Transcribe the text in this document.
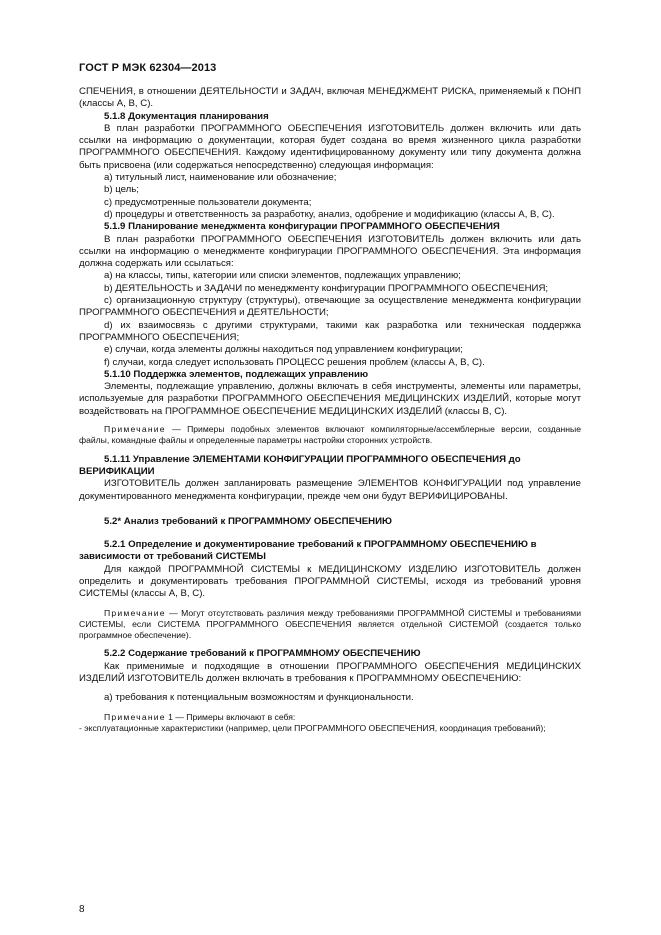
ГОСТ Р МЭК 62304—2013

СПЕЧЕНИЯ, в отношении ДЕЯТЕЛЬНОСТИ и ЗАДАЧ, включая МЕНЕДЖМЕНТ РИСКА, применяемый к ПОНП (классы A, B, C).

5.1.8 Документация планирования

В план разработки ПРОГРАММНОГО ОБЕСПЕЧЕНИЯ ИЗГОТОВИТЕЛЬ должен включить или дать ссылки на информацию о документации, которая будет создана во время жизненного цикла разработки ПРОГРАММНОГО ОБЕСПЕЧЕНИЯ. Каждому идентифицированному документу или типу документа должна быть присвоена (или содержаться непосредственно) следующая информация:

a) титульный лист, наименование или обозначение;

b) цель;

c) предусмотренные пользователи документа;

d) процедуры и ответственность за разработку, анализ, одобрение и модификацию (классы A, B, C).

5.1.9 Планирование менеджмента конфигурации ПРОГРАММНОГО ОБЕСПЕЧЕНИЯ

В план разработки ПРОГРАММНОГО ОБЕСПЕЧЕНИЯ ИЗГОТОВИТЕЛЬ должен включить или дать ссылки на информацию о менеджменте конфигурации ПРОГРАММНОГО ОБЕСПЕЧЕНИЯ. Эта информация должна содержать или ссылаться:

a) на классы, типы, категории или списки элементов, подлежащих управлению;

b) ДЕЯТЕЛЬНОСТЬ и ЗАДАЧИ по менеджменту конфигурации ПРОГРАММНОГО ОБЕСПЕЧЕНИЯ;

c) организационную структуру (структуры), отвечающие за осуществление менеджмента конфигурации ПРОГРАММНОГО ОБЕСПЕЧЕНИЯ и ДЕЯТЕЛЬНОСТИ;

d) их взаимосвязь с другими структурами, такими как разработка или техническая поддержка ПРОГРАММНОГО ОБЕСПЕЧЕНИЯ;

e) случаи, когда элементы должны находиться под управлением конфигурации;

f) случаи, когда следует использовать ПРОЦЕСС решения проблем (классы A, B, C).

5.1.10 Поддержка элементов, подлежащих управлению

Элементы, подлежащие управлению, должны включать в себя инструменты, элементы или параметры, используемые для разработки ПРОГРАММНОГО ОБЕСПЕЧЕНИЯ МЕДИЦИНСКИХ ИЗДЕЛИЙ, которые могут воздействовать на ПРОГРАММНОЕ ОБЕСПЕЧЕНИЕ МЕДИЦИНСКИХ ИЗДЕЛИЙ (классы B, C).

Примечание — Примеры подобных элементов включают компиляторные/ассемблерные версии, созданные файлы, командные файлы и определенные параметры настройки сторонних устройств.

5.1.11 Управление ЭЛЕМЕНТАМИ КОНФИГУРАЦИИ ПРОГРАММНОГО ОБЕСПЕЧЕНИЯ до ВЕРИФИКАЦИИ

ИЗГОТОВИТЕЛЬ должен запланировать размещение ЭЛЕМЕНТОВ КОНФИГУРАЦИИ под управление документированного менеджмента конфигурации, прежде чем они будут ВЕРИФИЦИРОВАНЫ.

5.2* Анализ требований к ПРОГРАММНОМУ ОБЕСПЕЧЕНИЮ

5.2.1 Определение и документирование требований к ПРОГРАММНОМУ ОБЕСПЕЧЕНИЮ в зависимости от требований СИСТЕМЫ

Для каждой ПРОГРАММНОЙ СИСТЕМЫ к МЕДИЦИНСКОМУ ИЗДЕЛИЮ ИЗГОТОВИТЕЛЬ должен определить и документировать требования ПРОГРАММНОЙ СИСТЕМЫ, исходя из требований уровня СИСТЕМЫ (классы A, B, C).

Примечание — Могут отсутствовать различия между требованиями ПРОГРАММНОЙ СИСТЕМЫ и требованиями СИСТЕМЫ, если СИСТЕМА ПРОГРАММНОГО ОБЕСПЕЧЕНИЯ является отдельной СИСТЕМОЙ (создается только программное обеспечение).

5.2.2 Содержание требований к ПРОГРАММНОМУ ОБЕСПЕЧЕНИЮ

Как применимые и подходящие в отношении ПРОГРАММНОГО ОБЕСПЕЧЕНИЯ МЕДИЦИНСКИХ ИЗДЕЛИЙ ИЗГОТОВИТЕЛЬ должен включать в требования к ПРОГРАММНОМУ ОБЕСПЕЧЕНИЮ:

a) требования к потенциальным возможностям и функциональности.

Примечание 1 — Примеры включают в себя:

- эксплуатационные характеристики (например, цели ПРОГРАММНОГО ОБЕСПЕЧЕНИЯ, координация требований);

8
